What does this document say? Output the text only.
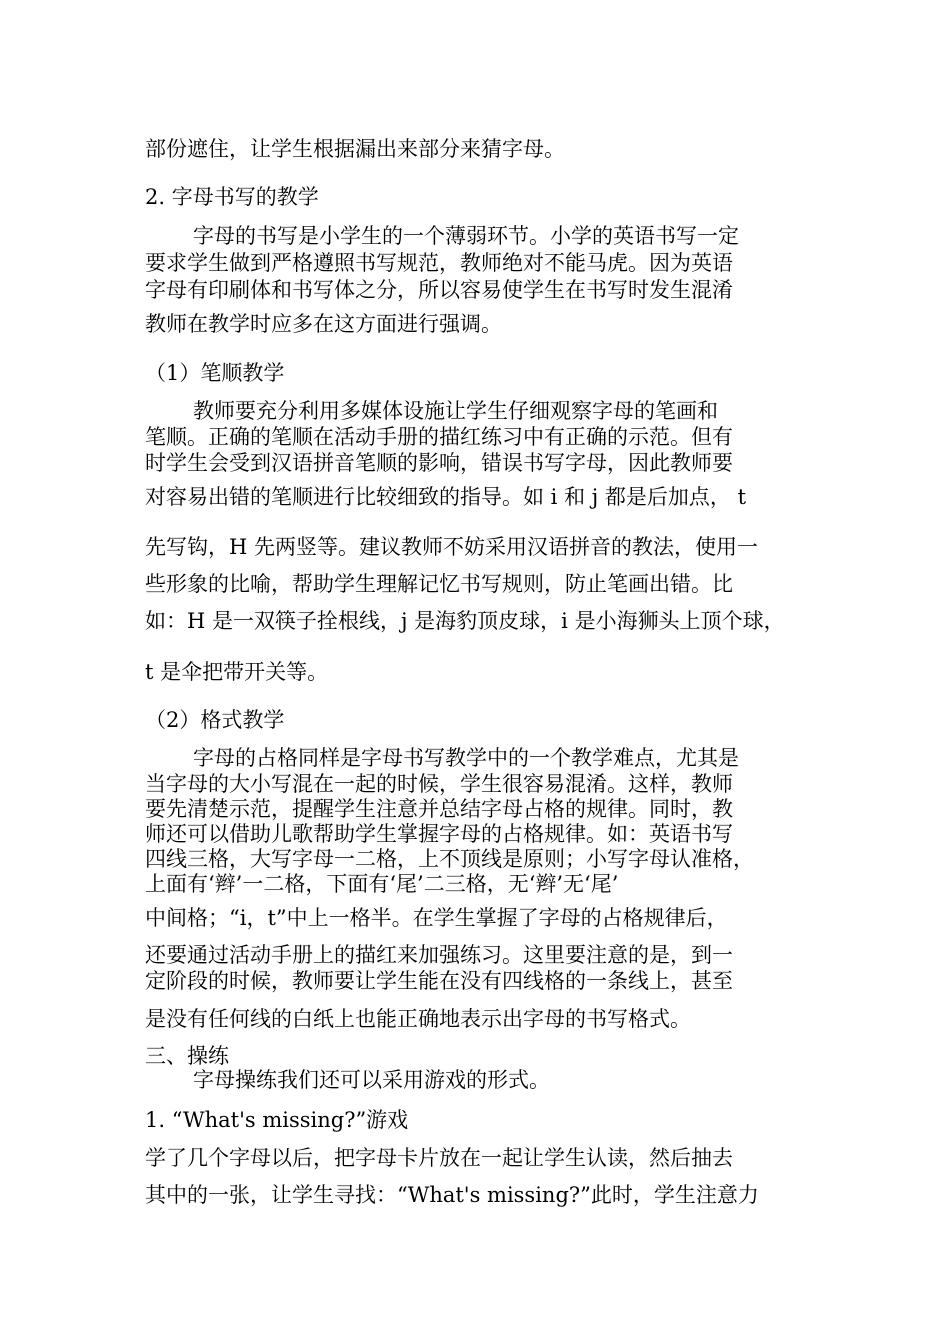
部份遮住，让学生根据漏出来部分来猜字母。
2. 字母书写的教学
字母的书写是小学生的一个薄弱环节。小学的英语书写一定
要求学生做到严格遵照书写规范，教师绝对不能马虎。因为英语
字母有印刷体和书写体之分，所以容易使学生在书写时发生混淆
教师在教学时应多在这方面进行强调。
（1）笔顺教学
教师要充分利用多媒体设施让学生仔细观察字母的笔画和
笔顺。正确的笔顺在活动手册的描红练习中有正确的示范。但有
时学生会受到汉语拼音笔顺的影响，错误书写字母，因此教师要
对容易出错的笔顺进行比较细致的指导。如 i 和 j 都是后加点， t
先写钩，H 先两竖等。建议教师不妨采用汉语拼音的教法，使用一
些形象的比喻，帮助学生理解记忆书写规则，防止笔画出错。比
如：H 是一双筷子拴根线，j 是海豹顶皮球，i 是小海狮头上顶个球，
t 是伞把带开关等。
（2）格式教学
字母的占格同样是字母书写教学中的一个教学难点，尤其是
当字母的大小写混在一起的时候，学生很容易混淆。这样，教师
要先清楚示范，提醒学生注意并总结字母占格的规律。同时，教
师还可以借助儿歌帮助学生掌握字母的占格规律。如：英语书写
四线三格，大写字母一二格，上不顶线是原则；小写字母认准格，
上面有‘辫’一二格，下面有‘尾’二三格，无‘辫’无‘尾’
中间格；“i，t”中上一格半。在学生掌握了字母的占格规律后，
还要通过活动手册上的描红来加强练习。这里要注意的是，到一
定阶段的时候，教师要让学生能在没有四线格的一条线上，甚至
是没有任何线的白纸上也能正确地表示出字母的书写格式。
三、操练
字母操练我们还可以采用游戏的形式。
1. “What's missing?”游戏
学了几个字母以后，把字母卡片放在一起让学生认读，然后抽去
其中的一张，让学生寻找：“What's missing?”此时，学生注意力
